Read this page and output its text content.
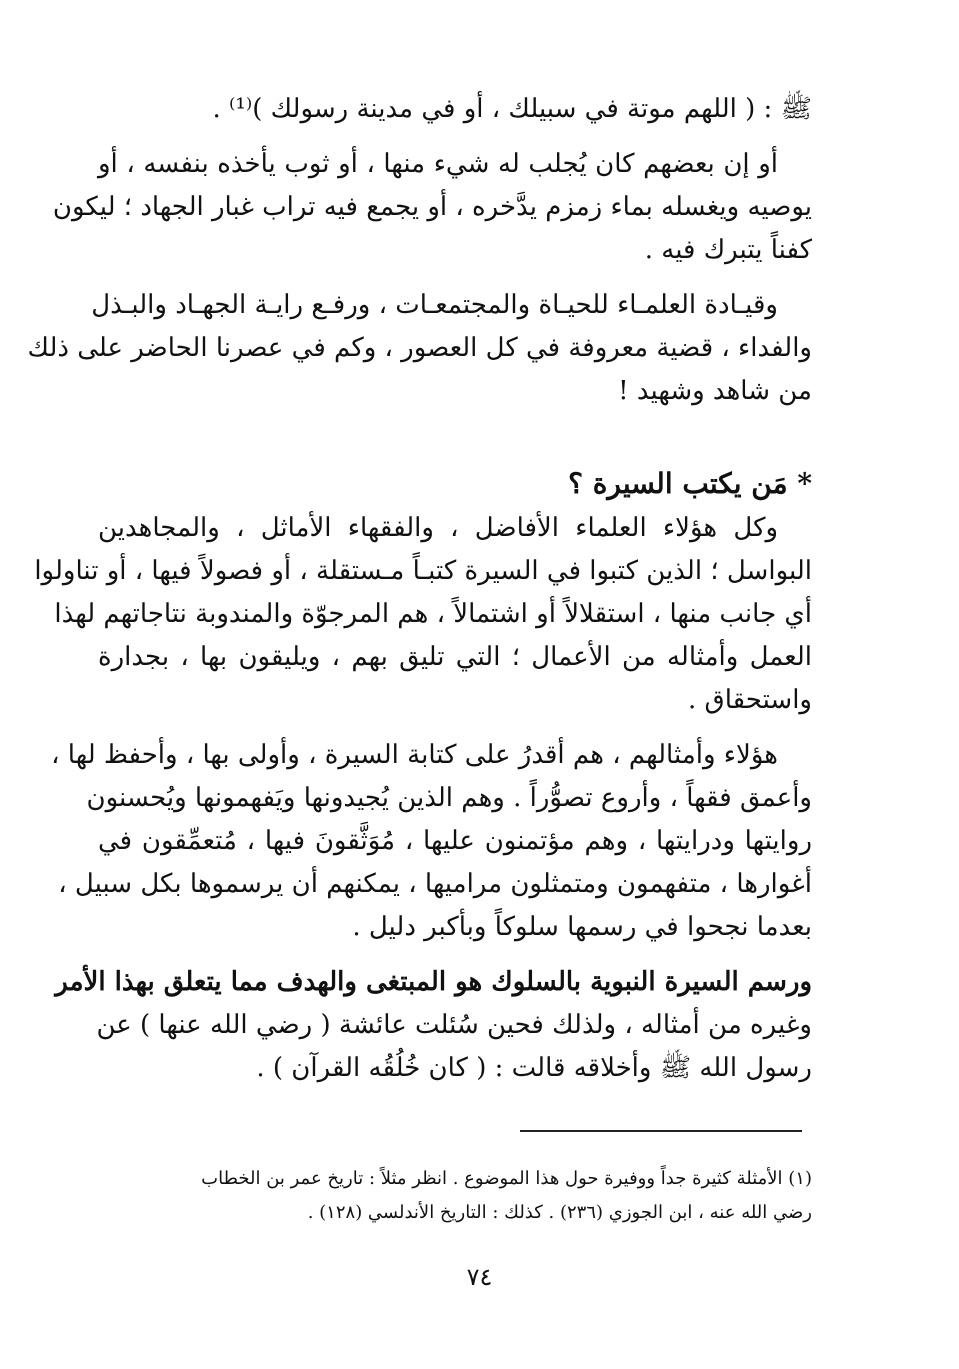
ﷺ : ( اللهم موتة في سبيلك ، أو في مدينة رسولك )⁽¹⁾ .
أو إن بعضهم كان يُجلب له شيء منها ، أو ثوب يأخذه بنفسه ، أو
يوصيه ويغسله بماء زمزم يدَّخره ، أو يجمع فيه تراب غبار الجهاد ؛ ليكون
كفناً يتبرك فيه .
وقيـادة العلمـاء للحيـاة والمجتمعـات ، ورفـع رايـة الجهـاد والبـذل
والفداء ، قضية معروفة في كل العصور ، وكم في عصرنا الحاضر على ذلك
من شاهد وشهيد !
* مَن يكتب السيرة ؟
وكل هؤلاء العلماء الأفاضل ، والفقهاء الأماثل ، والمجاهدين
البواسل ؛ الذين كتبوا في السيرة كتبـاً مـستقلة ، أو فصولاً فيها ، أو تناولوا
أي جانب منها ، استقلالاً أو اشتمالاً ، هم المرجوّة والمندوبة نتاجاتهم لهذا
العمل وأمثاله من الأعمال ؛ التي تليق بهم ، ويليقون بها ، بجدارة
واستحقاق .
هؤلاء وأمثالهم ، هم أقدرُ على كتابة السيرة ، وأولى بها ، وأحفظ لها ،
وأعمق فقهاً ، وأروع تصوُّراً . وهم الذين يُجيدونها ويَفهمونها ويُحسنون
روايتها ودرايتها ، وهم مؤتمنون عليها ، مُوَثَّقونَ فيها ، مُتعمِّقون في
أغوارها ، متفهمون ومتمثلون مراميها ، يمكنهم أن يرسموها بكل سبيل ،
بعدما نجحوا في رسمها سلوكاً وبأكبر دليل .
ورسم السيرة النبوية بالسلوك هو المبتغى والهدف مما يتعلق بهذا الأمر
وغيره من أمثاله ، ولذلك فحين سُئلت عائشة ( رضي الله عنها ) عن
رسول الله ﷺ وأخلاقه قالت : ( كان خُلُقُه القرآن ) .
(١) الأمثلة كثيرة جداً ووفيرة حول هذا الموضوع . انظر مثلاً : تاريخ عمر بن الخطاب
رضي الله عنه ، ابن الجوزي (٢٣٦) . كذلك : التاريخ الأندلسي (١٢٨) .
٧٤
